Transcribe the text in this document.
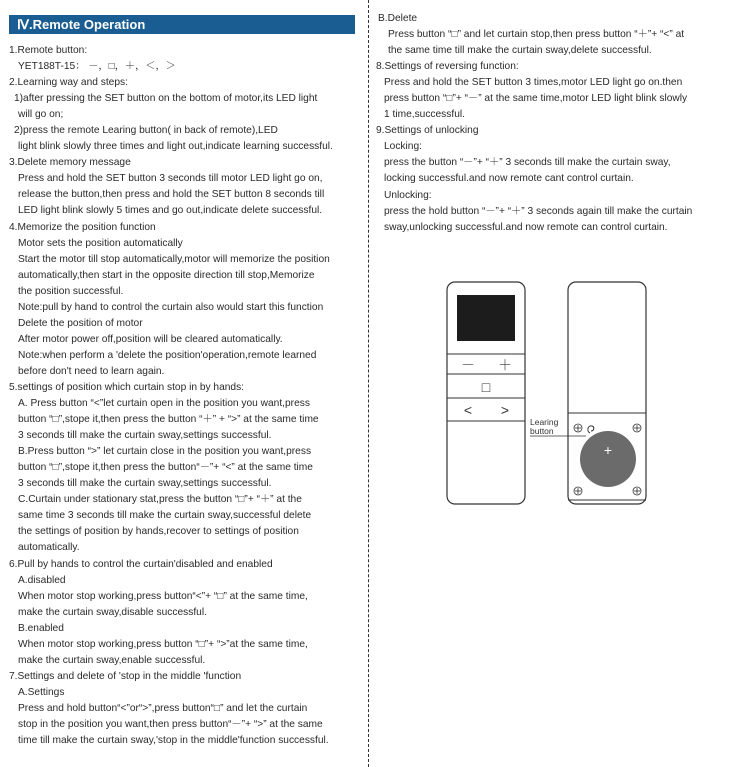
Ⅳ.Remote Operation
1.Remote button:
YET188T-15： －，□，＋，＜，＞
2.Learning way and steps:
1)after pressing the SET button on the bottom of motor,its LED light
will go on;
2)press the remote Learing button( in back of remote),LED
light blink slowly three times and light out,indicate learning successful.
3.Delete memory message
Press and hold the SET button 3 seconds till motor LED light go on,
release the button,then press and hold the SET button 8 seconds till
LED light blink slowly 5 times and go out,indicate delete successful.
4.Memorize the position function
Motor sets the position automatically
Start the motor till stop automatically,motor will memorize the position
automatically,then start in the opposite direction till stop,Memorize
the position successful.
Note:pull by hand to control the curtain also would start this function
Delete the position of motor
After motor power off,position will be cleared automatically.
Note:when perform a 'delete the position'operation,remote learned
before don't need to learn again.
5.settings of position which curtain stop in by hands:
A. Press button “<”let curtain open in the position you want,press
button “□”,stope it,then press the button “＋” + “>” at the same time
3 seconds till make the curtain sway,settings successful.
B.Press button “>” let curtain close in the position you want,press
button “□”,stope it,then press the button“－”+ “<” at the same time
3 seconds till make the curtain sway,settings successful.
C.Curtain under stationary stat,press the button “□”+ “＋” at the
same time 3 seconds till make the curtain sway,successful delete
the settings of position by hands,recover to settings of position
automatically.
6.Pull by hands to control the curtain'disabled and enabled
A.disabled
When motor stop working,press button“<”+ “□” at the same time,
make the curtain sway,disable successful.
B.enabled
When motor stop working,press button “□”+ “>”at the same time,
make the curtain sway,enable successful.
7.Settings and delete of 'stop in the middle 'function
A.Settings
Press and hold button“<”or“>”,press button“□” and let the curtain
stop in the position you want,then press button“－”+ “>” at the same
time till make the curtain sway,'stop in the middle'function successful.
B.Delete
Press button “□” and let curtain stop,then press button “＋”+ “<” at
the same time till make the curtain sway,delete successful.
8.Settings of reversing function:
Press and hold the SET button 3 times,motor LED light go on.then
press button “□”+ “－” at the same time,motor LED light blink slowly
1 time,successful.
9.Settings of unlocking
Locking:
press the button “－”+ “＋” 3 seconds till make the curtain sway,
locking successful.and now remote cant control curtain.
Unlocking:
press the hold button “－”+ “＋” 3 seconds again till make the curtain
sway,unlocking successful.and now remote can control curtain.
－ ＋
□
< >
+
Learing
button
